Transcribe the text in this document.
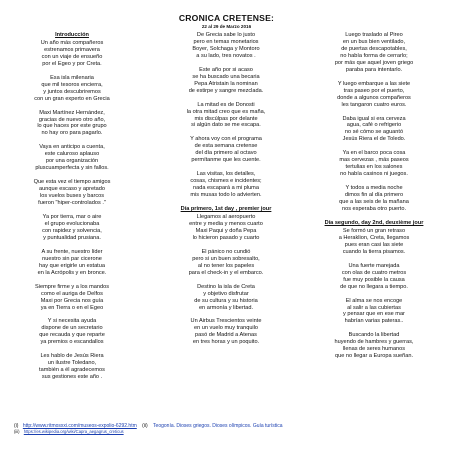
CRONICA CRETENSE:
22 al 29 de Marzo 2016

Introducción

Un año más compañeros
estrenamos primavera
con un viaje de ensueño
por el Egeo y por Creta.

Esa isla milenaria
que mil tesoros encierra,
y juntos descubriremos
con un gran experto en Grecia

Maxi Martínez Hernández,
gracias de nuevo otro año,
lo que haces por este grupo
no hay oro para pagarlo.

Vaya en anticipo a cuenta,
este caluroso aplauso
por una organización
pluscuamperfecta y sin fallos.

Que esta vez el tiempo amigos
aunque escaso y apretado
los vuelos buses y barcos
fueron "hiper-controlados ."

Ya por tierra, mar o aire
el grupo evolucionaba
con rapidez y solvencia,
y puntualidad prusiana.

A su frente, nuestro líder
nuestro sin par cicerone
hay que erigirle un estatua
en la Acrópolis y en bronce.

Siempre firme y a los mandos
como el auriga de Delfos
Maxi por Grecia nos guía
ya en Tierra o en el Egeo

Y si necesita ayuda
dispone de un secretario
que recauda y que reparte
ya premios o escandallos

Les hablo de Jesús Riera
un ilustre Toledano,
también a él agradecemos
sus gestiones este año .

De Grecia sabe lo justo
pero en temas monetarios
Boyer, Solchaga y Montoro
a su lado, tres novatos .

Este año por si acaso
se ha buscado una becaria
Pepa Atristain la nominan
de estirpe y sangre mezclada.

La mitad es de Donosti
la otra mitad creo que es maña,
mis discúlpas por delante
si algún dato se me escapa.

Y ahora voy con el programa
de esta semana cretense
del día primero al octavo
permítanme que les cuente.

Las visitas, los detalles,
cosas, chismes e incidentes;
nada escapará a mi pluma
mis musas todo lo advierten.

Día primero, 1st day , premier jour

Llegamos al aeropuerto
entre y media y menos cuarto
Maxi Paqui y doña Pepa
lo hicieron pasado y cuarto

El pánico no cundió
pero si un buen sobresalto,
al no tener los papeles
para el check-in y el embarco.

Destino la isla de Creta
y objetivo disfrutar
de su cultura y su historia
en armonía y libertad.

Un Airbus Trescientos veinte
en un vuelo muy tranquilo
pasó de Madrid a Atenas
en tres horas y un poquito.

Luego traslado al Pireo
en un bus bien ventilado,
de puertas descapotables,
no había forma de cerrarlo;
por más que aquel joven griego
paraba para intentarlo.

Y luego embarque a las siete
tras paseo por el puerto,
donde a algunos compañeros
les tangaron cuatro euros.

Daba igual si era cerveza
agua, café o refrigerio
no sé cómo se aguantó
Jesús Riera el de Toledo.

Ya en el barco poca cosa
mas cervezas , más paseos
tertulias en los salones
no había casinos ni juegos.

Y todos a media noche
dimos fin al día primero
que a las seis de la mañana
nos esperaba otro puerto.

Día segundo, day 2nd, deuxième jour

Se formó un gran retraso
a Heraklion, Creta, llegamos
pues eran casi las siete
cuando la tierra pisamos.

Una fuerte marejada
con olas de cuatro metros
fue muy posible la causa
de que no llegara a tiempo.

El alma se nos encoge
al salir a las cubiertas
y pensar que en ese mar
habrían varias pateras..

Buscando la libertad
huyendo de hambres y guerras,
llenas de seres humanos
que no llegar a Europa sueñan.

(i) http://www.ritmosxxi.com/museos-expolio-6292.htm (ii) Teogonía. Dioses griegos. Dioses olímpicos. Guía turística
(iii) https://es.wikipedia.org/wiki/Capra_aegagrus_creticus
